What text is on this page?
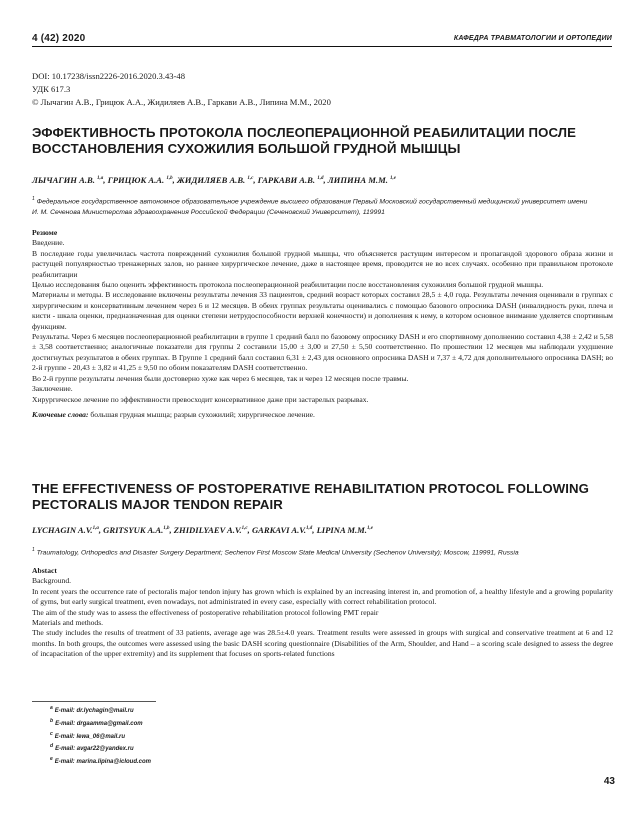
4 (42) 2020	КАФЕДРА ТРАВМАТОЛОГИИ И ОРТОПЕДИИ
DOI: 10.17238/issn2226-2016.2020.3.43-48
УДК 617.3
© Лычагин А.В., Грицюк А.А., Жидиляев А.В., Гаркави А.В., Липина М.М., 2020
ЭФФЕКТИВНОСТЬ ПРОТОКОЛА ПОСЛЕОПЕРАЦИОННОЙ РЕАБИЛИТАЦИИ ПОСЛЕ
ВОССТАНОВЛЕНИЯ СУХОЖИЛИЯ БОЛЬШОЙ ГРУДНОЙ МЫШЦЫ
ЛЫЧАГИН А.В. $^{1,a}$, ГРИЦЮК А.А. $^{1,b}$, ЖИДИЛЯЕВ А.В. $^{1,c}$, ГАРКАВИ А.В. $^{1,d}$, ЛИПИНА М.М. $^{1,e}$
$^1$ Федеральное государственное автономное образовательное учреждение высшего образования Первый Московский государственный медицинский университет имени
И. М. Сеченова Министерства здравоохранения Российской Федерации (Сеченовский Университет), 119991

Резюме

Введение.

В последние годы увеличилась частота повреждений сухожилия большой грудной мышцы, что объясняется растущим интересом и пропагандой здорового образа жизни и растущей популярностью тренажерных залов, но раннее хирургическое лечение, даже в настоящее время, проводится не во всех случаях. особенно при правильном протоколе реабилитации

Целью исследования было оценить эффективность протокола послеоперационной реабилитации после восстановления сухожилия большой грудной мышцы.

Материалы и методы. В исследование включены результаты лечения 33 пациентов, средний возраст которых составил 28,5 ± 4,0 года. Результаты лечения оценивали в группах с хирургическим и консервативным лечением через 6 и 12 месяцев. В обеих группах результаты оценивались с помощью базового опросника DASH (инвалидность руки, плеча и кисти - шкала оценки, предназначенная для оценки степени нетрудоспособности верхней конечности) и дополнения к нему, в котором основное внимание уделяется спортивным функциям.

Результаты. Через 6 месяцев послеоперационной реабилитации в группе 1 средний балл по базовому опроснику DASH и его спортивному дополнению составил 4,38 ± 2,42 и 5,58 ± 3,58 соответственно; аналогичные показатели для группы 2 составили 15,00 ± 3,00 и 27,50 ± 5,50 соответственно. По прошествии 12 месяцев мы наблюдали ухудшение достигнутых результатов в обеих группах. В Группе 1 средний балл составил 6,31 ± 2,43 для основного опросника DASH и 7,37 ± 4,72 для дополнительного опросника DASH; во 2-й группе - 20,43 ± 3,82 и 41,25 ± 9,50 по обоим показателям DASH соответственно.

Во 2-й группе результаты лечения были достоверно хуже как через 6 месяцев, так и через 12 месяцев после травмы.

Заключение.

Хирургическое лечение по эффективности превосходит консервативное даже при застарелых разрывах.

Ключевые слова: большая грудная мышца; разрыв сухожилий; хирургическое лечение.

THE EFFECTIVENESS OF POSTOPERATIVE REHABILITATION PROTOCOL FOLLOWING
PECTORALIS MAJOR TENDON REPAIR
LYCHAGIN A.V.$^{1,a}$, GRITSYUK A.A.$^{1,b}$, ZHIDILYAEV A.V.$^{1,c}$, GARKAVI A.V.$^{1,d}$, LIPINA M.M.$^{1,e}$
$^1$ Traumatology, Orthopedics and Disaster Surgery Department; Sechenov First Moscow State Medical University (Sechenov University); Moscow, 119991, Russia

Abstact

Background.

In recent years the occurrence rate of pectoralis major tendon injury has grown which is explained by an increasing interest in, and promotion of, a healthy lifestyle and a growing popularity of gyms, but early surgical treatment, even nowadays, not administrated in every case, especially with correct rehabilitation protocol.

The aim of the study was to assess the effectiveness of postoperative rehabilitation protocol following PMT repair

Materials and methods.

The study includes the results of treatment of 33 patients, average age was 28.5±4.0 years. Treatment results were assessed in groups with surgical and conservative treatment at 6 and 12 months. In both groups, the outcomes were assessed using the basic DASH scoring questionnaire (Disabilities of the Arm, Shoulder, and Hand – a scoring scale designed to assess the degree of incapacitation of the upper extremity) and its supplement that focuses on sports-related functions

$^a$ E-mail: dr.lychagin@mail.ru
$^b$ E-mail: drgaamma@gmail.com
$^c$ E-mail: lewa_06@mail.ru
$^d$ E-mail: avgar22@yandex.ru
$^e$ E-mail: marina.lipina@icloud.com
43
